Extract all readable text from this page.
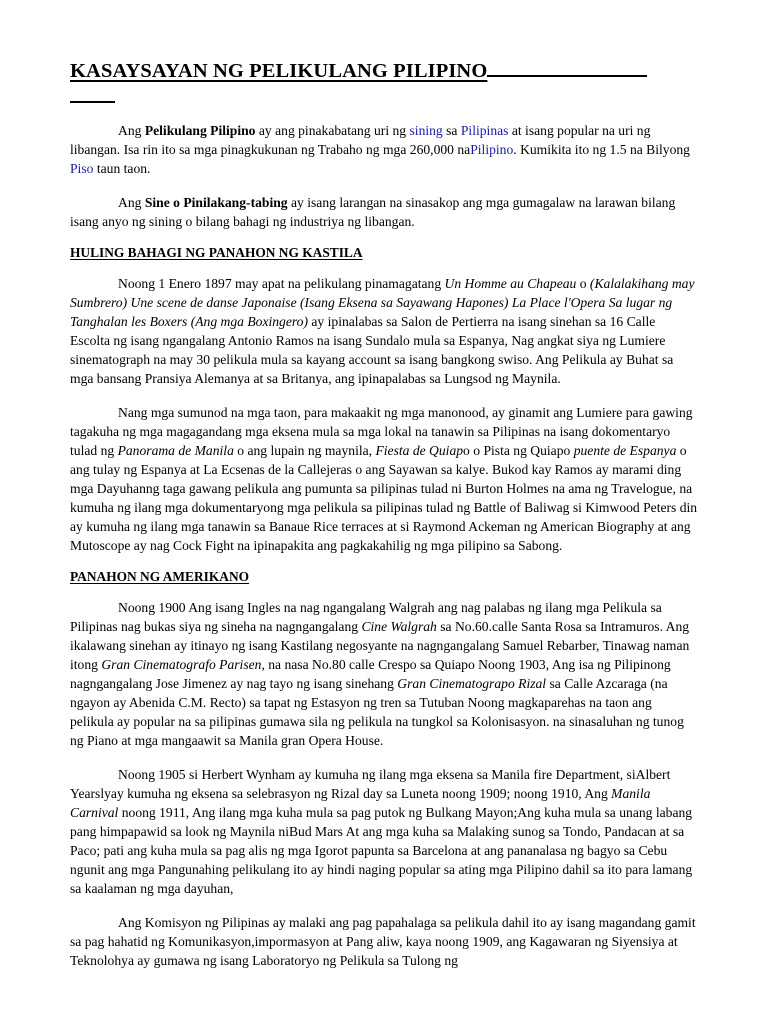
KASAYSAYAN NG PELIKULANG PILIPINO

Ang Pelikulang Pilipino ay ang pinakabatang uri ng sining sa Pilipinas at isang popular na uri ng libangan. Isa rin ito sa mga pinagkukunan ng Trabaho ng mga 260,000 naPilipino. Kumikita ito ng 1.5 na Bilyong Piso taun taon.

Ang Sine o Pinilakang-tabing ay isang larangan na sinasakop ang mga gumagalaw na larawan bilang isang anyo ng sining o bilang bahagi ng industriya ng libangan.

HULING BAHAGI NG PANAHON NG KASTILA

Noong 1 Enero 1897 may apat na pelikulang pinamagatang Un Homme au Chapeau o (Kalalakihang may Sumbrero) Une scene de danse Japonaise (Isang Eksena sa Sayawang Hapones) La Place l'Opera Sa lugar ng Tanghalan les Boxers (Ang mga Boxingero) ay ipinalabas sa Salon de Pertierra na isang sinehan sa 16 Calle Escolta ng isang ngangalang Antonio Ramos na isang Sundalo mula sa Espanya, Nag angkat siya ng Lumiere sinematograph na may 30 pelikula mula sa kayang account sa isang bangkong swiso. Ang Pelikula ay Buhat sa mga bansang Pransiya Alemanya at sa Britanya, ang ipinapalabas sa Lungsod ng Maynila.

Nang mga sumunod na mga taon, para makaakit ng mga manonood, ay ginamit ang Lumiere para gawing tagakuha ng mga magagandang mga eksena mula sa mga lokal na tanawin sa Pilipinas na isang dokomentaryo tulad ng Panorama de Manila o ang lupain ng maynila, Fiesta de Quiapo o Pista ng Quiapo puente de Espanya o ang tulay ng Espanya at La Ecsenas de la Callejeras o ang Sayawan sa kalye. Bukod kay Ramos ay marami ding mga Dayuhanng taga gawang pelikula ang pumunta sa pilipinas tulad ni Burton Holmes na ama ng Travelogue, na kumuha ng ilang mga dokumentaryong mga pelikula sa pilipinas tulad ng Battle of Baliwag si Kimwood Peters din ay kumuha ng ilang mga tanawin sa Banaue Rice terraces at si Raymond Ackeman ng American Biography at ang Mutoscope ay nag Cock Fight na ipinapakita ang pagkakahilig ng mga pilipino sa Sabong.

PANAHON NG AMERIKANO

Noong 1900 Ang isang Ingles na nag ngangalang Walgrah ang nag palabas ng ilang mga Pelikula sa Pilipinas nag bukas siya ng sineha na nagngangalang Cine Walgrah sa No.60.calle Santa Rosa sa Intramuros. Ang ikalawang sinehan ay itinayo ng isang Kastilang negosyante na nagngangalang Samuel Rebarber, Tinawag naman itong Gran Cinematografo Parisen, na nasa No.80 calle Crespo sa Quiapo Noong 1903, Ang isa ng Pilipinong nagngangalang Jose Jimenez ay nag tayo ng isang sinehang Gran Cinematograpo Rizal sa Calle Azcaraga (na ngayon ay Abenida C.M. Recto) sa tapat ng Estasyon ng tren sa Tutuban Noong magkaparehas na taon ang pelikula ay popular na sa pilipinas gumawa sila ng pelikula na tungkol sa Kolonisasyon. na sinasaluhan ng tunog ng Piano at mga mangaawit sa Manila gran Opera House.

Noong 1905 si Herbert Wynham ay kumuha ng ilang mga eksena sa Manila fire Department, siAlbert Yearslyay kumuha ng eksena sa selebrasyon ng Rizal day sa Luneta noong 1909; noong 1910, Ang Manila Carnival noong 1911, Ang ilang mga kuha mula sa pag putok ng Bulkang Mayon;Ang kuha mula sa unang labang pang himpapawid sa look ng Maynila niBud Mars At ang mga kuha sa Malaking sunog sa Tondo, Pandacan at sa Paco; pati ang kuha mula sa pag alis ng mga Igorot papunta sa Barcelona at ang pananalasa ng bagyo sa Cebu ngunit ang mga Pangunahing pelikulang ito ay hindi naging popular sa ating mga Pilipino dahil sa ito para lamang sa kaalaman ng mga dayuhan,

Ang Komisyon ng Pilipinas ay malaki ang pag papahalaga sa pelikula dahil ito ay isang magandang gamit sa pag hahatid ng Komunikasyon,impormasyon at Pang aliw, kaya noong 1909, ang Kagawaran ng Siyensiya at Teknolohya ay gumawa ng isang Laboratoryo ng Pelikula sa Tulong ng
